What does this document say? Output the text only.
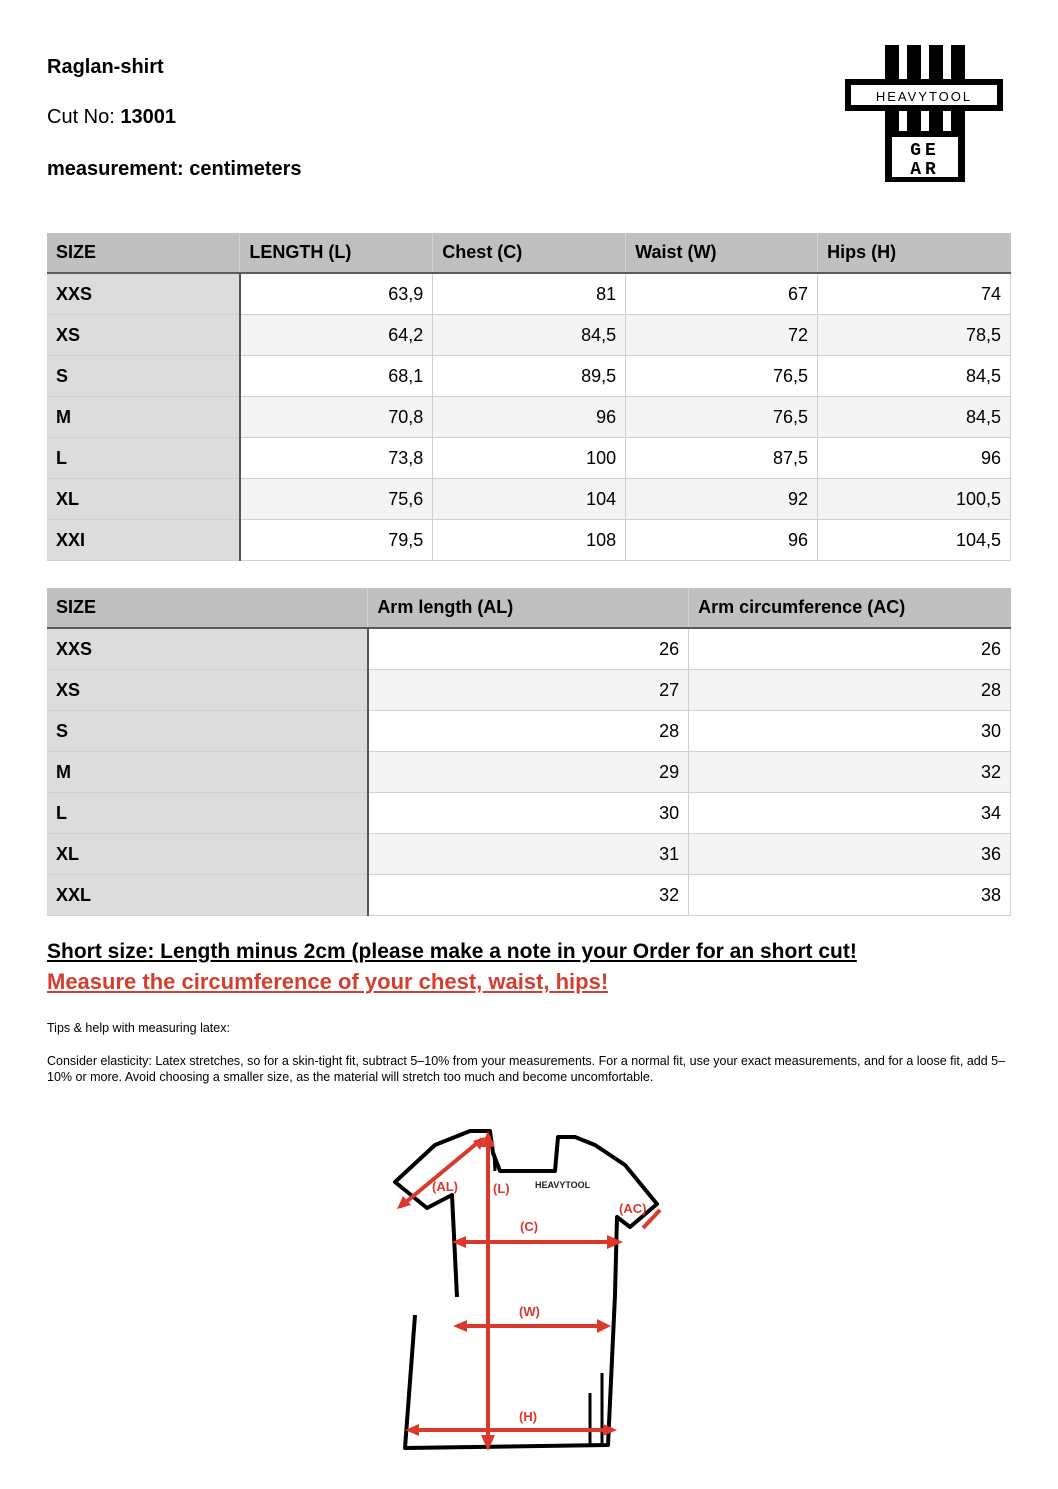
Raglan-shirt
Cut No: 13001
measurement: centimeters
HEAVYTOOL
GE
AR
SIZE	LENGTH (L)	Chest (C)	Waist (W)	Hips (H)
XXS	63,9	81	67	74
XS	64,2	84,5	72	78,5
S	68,1	89,5	76,5	84,5
M	70,8	96	76,5	84,5
L	73,8	100	87,5	96
XL	75,6	104	92	100,5
XXI	79,5	108	96	104,5
SIZE	Arm length (AL)	Arm circumference (AC)
XXS	26	26
XS	27	28
S	28	30
M	29	32
L	30	34
XL	31	36
XXL	32	38
Short size: Length minus 2cm (please make a note in your Order for an short cut!
Measure the circumference of your chest, waist, hips!
Tips & help with measuring latex:
Consider elasticity: Latex stretches, so for a skin-tight fit, subtract 5–10% from your measurements. For a normal fit, use your exact measurements, and for a loose fit, add 5–10% or more. Avoid choosing a smaller size, as the material will stretch too much and become uncomfortable.
(AL)	(L)
(AC)
(C)
(W)
(H)
HEAVYTOOL
